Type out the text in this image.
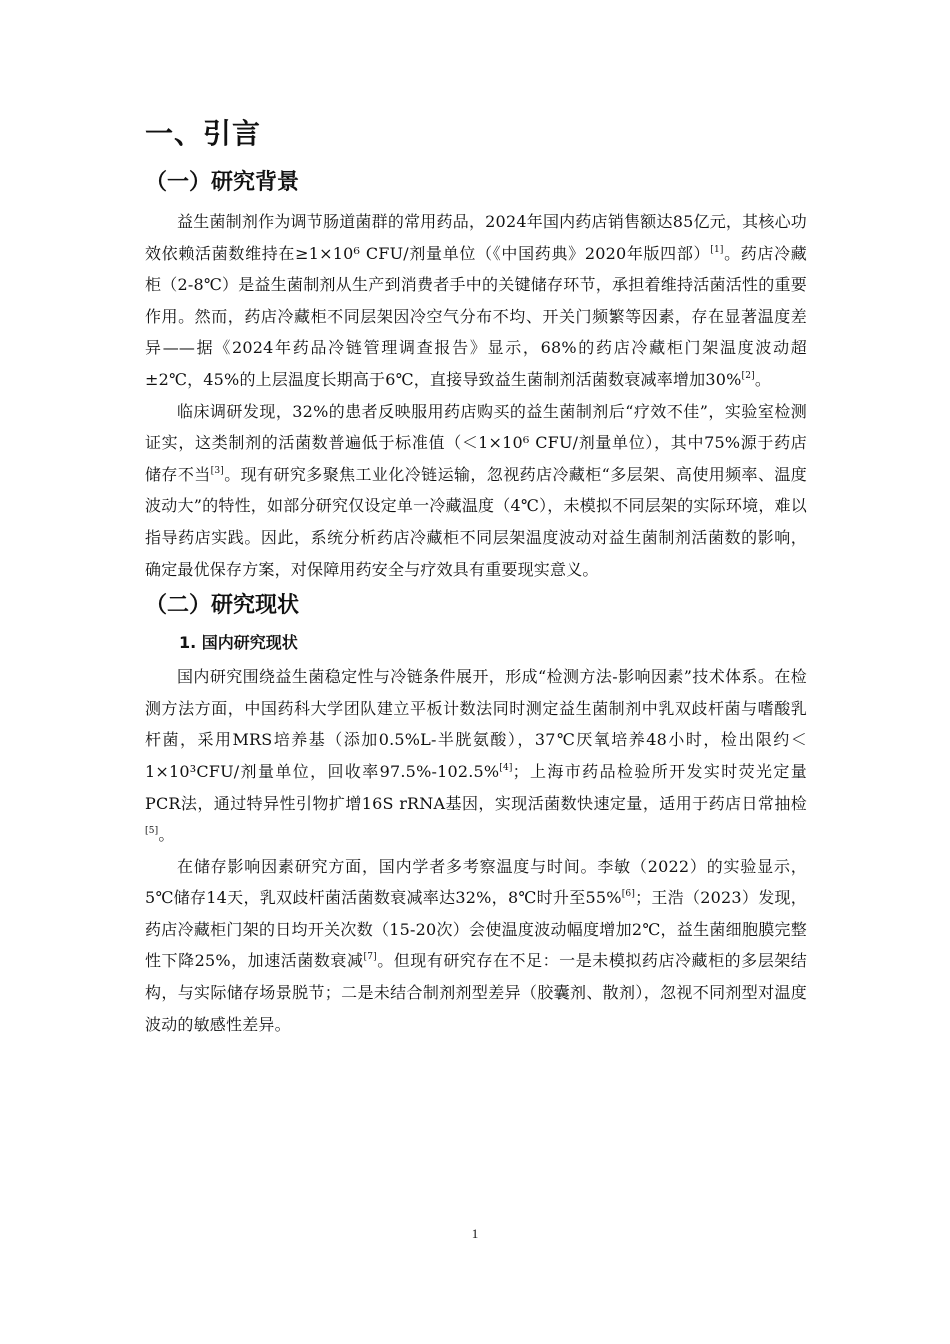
一、引言
（一）研究背景

益生菌制剂作为调节肠道菌群的常用药品，2024年国内药店销售额达85亿元，其核心功效依赖活菌数维持在≥1×10⁶ CFU/剂量单位（《中国药典》2020年版四部）[1]。药店冷藏柜（2-8℃）是益生菌制剂从生产到消费者手中的关键储存环节，承担着维持活菌活性的重要作用。然而，药店冷藏柜不同层架因冷空气分布不均、开关门频繁等因素，存在显著温度差异——据《2024年药品冷链管理调查报告》显示，68%的药店冷藏柜门架温度波动超±2℃，45%的上层温度长期高于6℃，直接导致益生菌制剂活菌数衰减率增加30%[2]。

临床调研发现，32%的患者反映服用药店购买的益生菌制剂后“疗效不佳”，实验室检测证实，这类制剂的活菌数普遍低于标准值（＜1×10⁶ CFU/剂量单位），其中75%源于药店储存不当[3]。现有研究多聚焦工业化冷链运输，忽视药店冷藏柜“多层架、高使用频率、温度波动大”的特性，如部分研究仅设定单一冷藏温度（4℃），未模拟不同层架的实际环境，难以指导药店实践。因此，系统分析药店冷藏柜不同层架温度波动对益生菌制剂活菌数的影响，确定最优保存方案，对保障用药安全与疗效具有重要现实意义。

（二）研究现状
1. 国内研究现状

国内研究围绕益生菌稳定性与冷链条件展开，形成“检测方法-影响因素”技术体系。在检测方法方面，中国药科大学团队建立平板计数法同时测定益生菌制剂中乳双歧杆菌与嗜酸乳杆菌，采用MRS培养基（添加0.5%L-半胱氨酸），37℃厌氧培养48小时，检出限约＜1×10³CFU/剂量单位，回收率97.5%-102.5%[4]；上海市药品检验所开发实时荧光定量PCR法，通过特异性引物扩增16S rRNA基因，实现活菌数快速定量，适用于药店日常抽检[5]。

在储存影响因素研究方面，国内学者多考察温度与时间。李敏（2022）的实验显示，5℃储存14天，乳双歧杆菌活菌数衰减率达32%，8℃时升至55%[6]；王浩（2023）发现，药店冷藏柜门架的日均开关次数（15-20次）会使温度波动幅度增加2℃，益生菌细胞膜完整性下降25%，加速活菌数衰减[7]。但现有研究存在不足：一是未模拟药店冷藏柜的多层架结构，与实际储存场景脱节；二是未结合制剂剂型差异（胶囊剂、散剂），忽视不同剂型对温度波动的敏感性差异。

1
